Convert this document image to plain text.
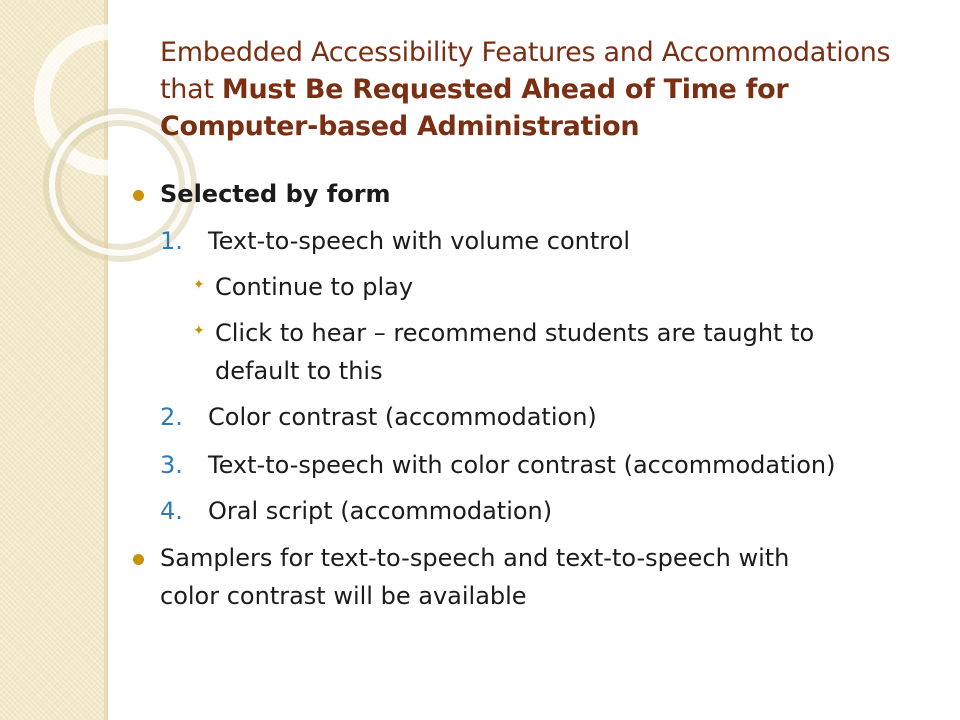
Embedded Accessibility Features and Accommodations
that Must Be Requested Ahead of Time for
Computer-based Administration
Selected by form
1. Text-to-speech with volume control
✦ Continue to play
✦ Click to hear – recommend students are taught to
default to this
2. Color contrast (accommodation)
3. Text-to-speech with color contrast (accommodation)
4. Oral script (accommodation)
Samplers for text-to-speech and text-to-speech with
color contrast will be available
